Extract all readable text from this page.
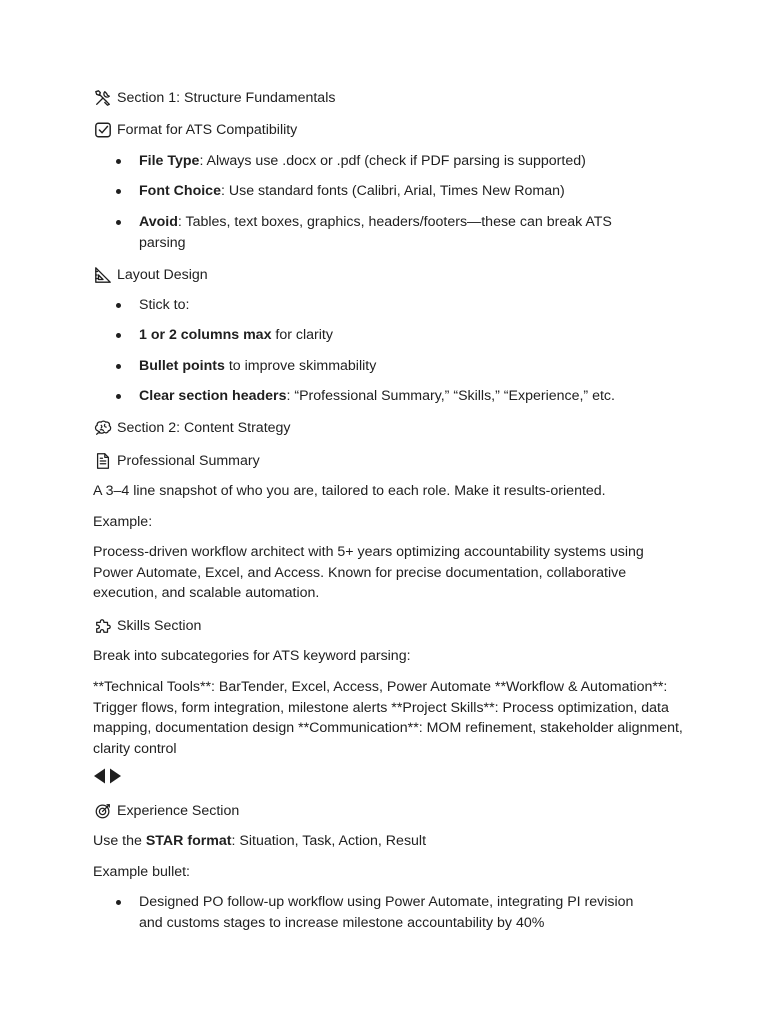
Section 1: Structure Fundamentals
Format for ATS Compatibility
File Type: Always use .docx or .pdf (check if PDF parsing is supported)
Font Choice: Use standard fonts (Calibri, Arial, Times New Roman)
Avoid: Tables, text boxes, graphics, headers/footers—these can break ATS parsing
Layout Design
Stick to:
1 or 2 columns max for clarity
Bullet points to improve skimmability
Clear section headers: “Professional Summary,” “Skills,” “Experience,” etc.
Section 2: Content Strategy
Professional Summary
A 3–4 line snapshot of who you are, tailored to each role. Make it results-oriented.
Example:
Process-driven workflow architect with 5+ years optimizing accountability systems using Power Automate, Excel, and Access. Known for precise documentation, collaborative execution, and scalable automation.
Skills Section
Break into subcategories for ATS keyword parsing:
**Technical Tools**: BarTender, Excel, Access, Power Automate **Workflow & Automation**: Trigger flows, form integration, milestone alerts **Project Skills**: Process optimization, data mapping, documentation design **Communication**: MOM refinement, stakeholder alignment, clarity control
Experience Section
Use the STAR format: Situation, Task, Action, Result
Example bullet:
Designed PO follow-up workflow using Power Automate, integrating PI revision and customs stages to increase milestone accountability by 40%
